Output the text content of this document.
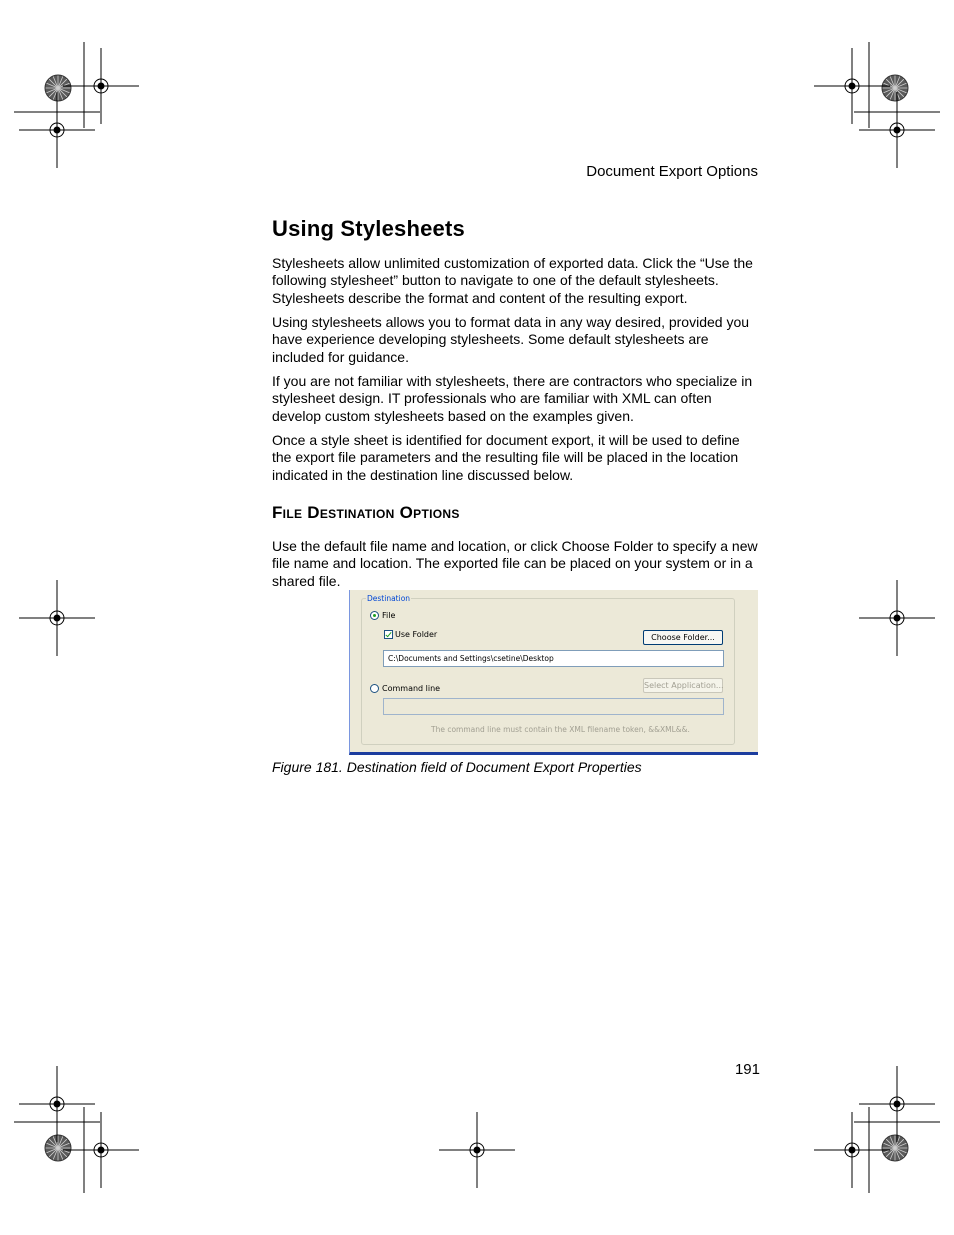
Document Export Options
Using Stylesheets

Stylesheets allow unlimited customization of exported data. Click the “Use the following stylesheet” button to navigate to one of the default stylesheets. Stylesheets describe the format and content of the resulting export.

Using stylesheets allows you to format data in any way desired, provided you have experience developing stylesheets. Some default stylesheets are included for guidance.

If you are not familiar with stylesheets, there are contractors who specialize in stylesheet design. IT professionals who are familiar with XML can often develop custom stylesheets based on the examples given.

Once a style sheet is identified for document export, it will be used to define the export file parameters and the resulting file will be placed in the location indicated in the destination line discussed below.

File Destination Options

Use the default file name and location, or click Choose Folder to specify a new file name and location. The exported file can be placed on your system or in a shared file.

Destination
File
Use Folder	Choose Folder...
C:\Documents and Settings\csetine\Desktop
Command line	Select Application...
The command line must contain the XML filename token, &&XML&&.
Figure 181. Destination field of Document Export Properties
191
